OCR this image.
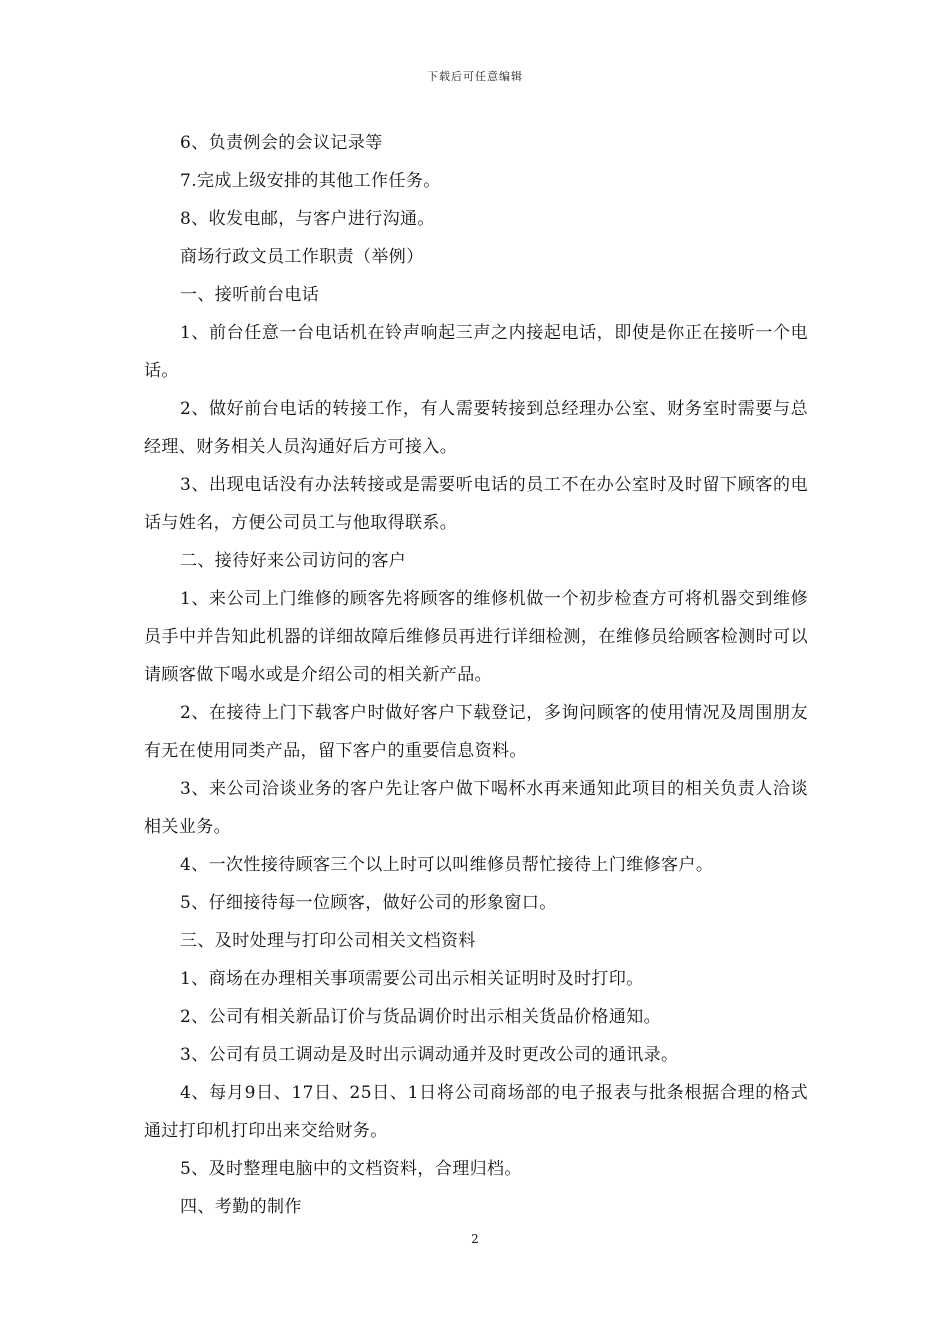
下载后可任意编辑

6、负责例会的会议记录等

7.完成上级安排的其他工作任务。

8、收发电邮，与客户进行沟通。

商场行政文员工作职责（举例）

一、接听前台电话

1、前台任意一台电话机在铃声响起三声之内接起电话，即使是你正在接听一个电话。

2、做好前台电话的转接工作，有人需要转接到总经理办公室、财务室时需要与总经理、财务相关人员沟通好后方可接入。

3、出现电话没有办法转接或是需要听电话的员工不在办公室时及时留下顾客的电话与姓名，方便公司员工与他取得联系。

二、接待好来公司访问的客户

1、来公司上门维修的顾客先将顾客的维修机做一个初步检查方可将机器交到维修员手中并告知此机器的详细故障后维修员再进行详细检测，在维修员给顾客检测时可以请顾客做下喝水或是介绍公司的相关新产品。

2、在接待上门下载客户时做好客户下载登记，多询问顾客的使用情况及周围朋友有无在使用同类产品，留下客户的重要信息资料。

3、来公司洽谈业务的客户先让客户做下喝杯水再来通知此项目的相关负责人洽谈相关业务。

4、一次性接待顾客三个以上时可以叫维修员帮忙接待上门维修客户。

5、仔细接待每一位顾客，做好公司的形象窗口。

三、及时处理与打印公司相关文档资料

1、商场在办理相关事项需要公司出示相关证明时及时打印。

2、公司有相关新品订价与货品调价时出示相关货品价格通知。

3、公司有员工调动是及时出示调动通并及时更改公司的通讯录。

4、每月9日、17日、25日、1日将公司商场部的电子报表与批条根据合理的格式通过打印机打印出来交给财务。

5、及时整理电脑中的文档资料，合理归档。

四、考勤的制作

2
